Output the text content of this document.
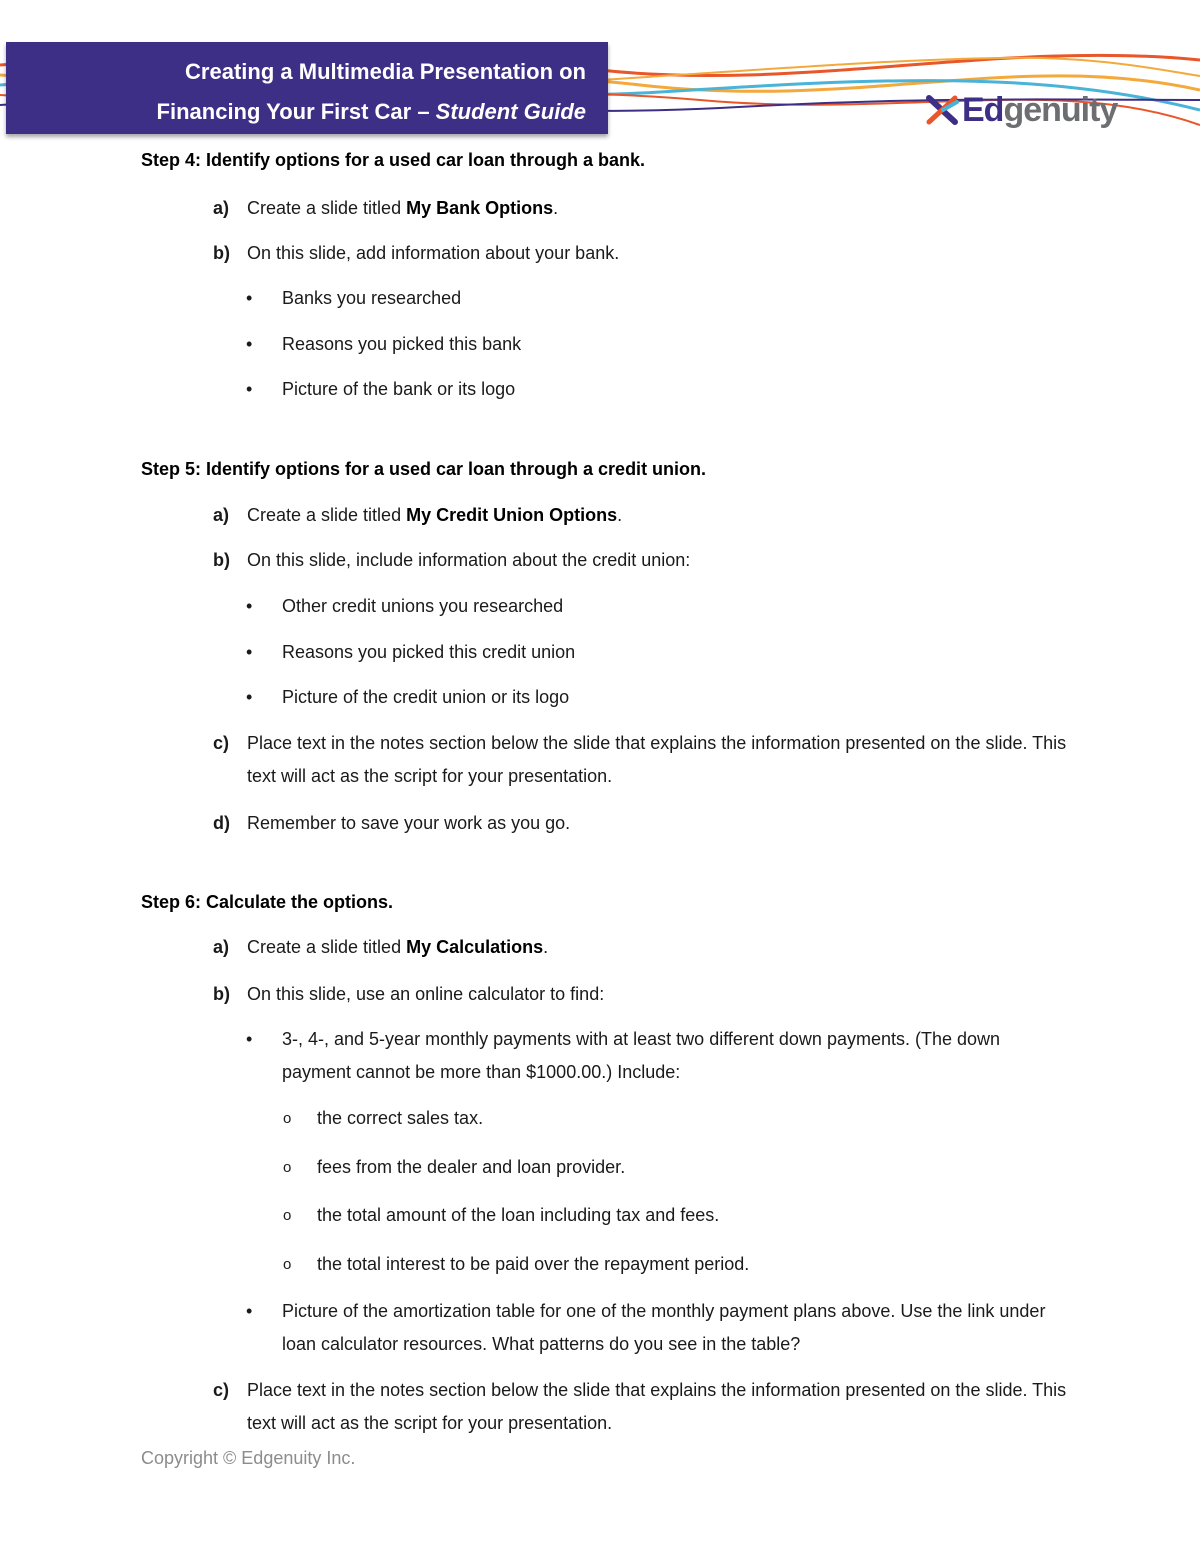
Creating a Multimedia Presentation on
Financing Your First Car – Student Guide	Edgenuity
Step 4: Identify options for a used car loan through a bank.
a) Create a slide titled My Bank Options.
b) On this slide, add information about your bank.
•	Banks you researched
•	Reasons you picked this bank
•	Picture of the bank or its logo
Step 5: Identify options for a used car loan through a credit union.
a) Create a slide titled My Credit Union Options.
b) On this slide, include information about the credit union:
•	Other credit unions you researched
•	Reasons you picked this credit union
•	Picture of the credit union or its logo
c) Place text in the notes section below the slide that explains the information presented on the slide. This text will act as the script for your presentation.
d) Remember to save your work as you go.
Step 6: Calculate the options.
a) Create a slide titled My Calculations.
b) On this slide, use an online calculator to find:
•	3-, 4-, and 5-year monthly payments with at least two different down payments. (The down payment cannot be more than $1000.00.) Include:
o	the correct sales tax.
o	fees from the dealer and loan provider.
o	the total amount of the loan including tax and fees.
o	the total interest to be paid over the repayment period.
•	Picture of the amortization table for one of the monthly payment plans above. Use the link under loan calculator resources. What patterns do you see in the table?
c) Place text in the notes section below the slide that explains the information presented on the slide. This text will act as the script for your presentation.
Copyright © Edgenuity Inc.
